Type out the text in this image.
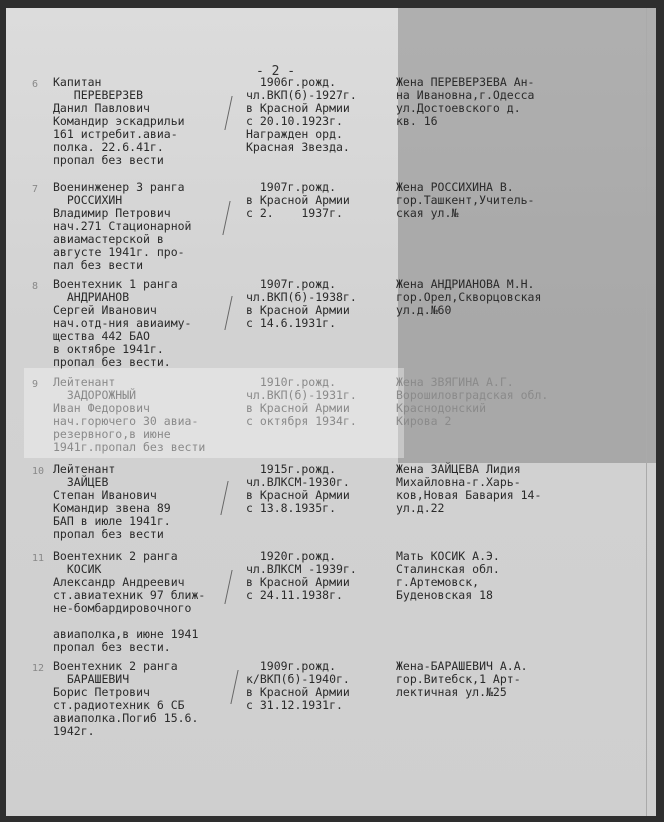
- 2 -
6 Капитан
ПЕРЕВЕРЗЕВ
Данил Павлович
Командир эскадрильи
161 истребит.авиа-
полка. 22.6.41г.
пропал без вести
1906г.рожд.
чл.ВКП(б)-1927г.
в Красной Армии
с 20.10.1923г.
Награжден орд.
Красная Звезда.
Жена ПЕРЕВЕРЗЕВА Ан-
на Ивановна,г.Одесса
ул.Достоевского д.
кв. 16
7 Военинженер 3 ранга
РОССИХИН
Владимир Петрович
нач.271 Стационарной
авиамастерской в
августе 1941г. про-
пал без вести
1907г.рожд.
в Красной Армии
с 2.    1937г.
Жена РОССИХИНА В.
гор.Ташкент,Учитель-
ская ул.№
8 Воентехник 1 ранга
АНДРИАНОВ
Сергей Иванович
нач.отд-ния авиаиму-
щества 442 БАО
в октябре 1941г.
пропал без вести.
1907г.рожд.
чл.ВКП(б)-1938г.
в Красной Армии
с 14.6.1931г.
Жена АНДРИАНОВА М.Н.
гор.Орел,Скворцовская
ул.д.№60
9 Лейтенант
ЗАДОРОЖНЫЙ
Иван Федорович
нач.горючего 30 авиа-
резервного,в июне
1941г.пропал без вести
1910г.рожд.
чл.ВКП(б)-1931г.
в Красной Армии
с октября 1934г.
Жена ЗВЯГИНА А.Г.
Ворошиловградская обл.
Краснодонский
Кирова 2
10 Лейтенант
ЗАЙЦЕВ
Степан Иванович
Командир звена 89
БАП в июле 1941г.
пропал без вести
1915г.рожд.
чл.ВЛКСМ-1930г.
в Красной Армии
с 13.8.1935г.
Жена ЗАЙЦЕВА Лидия
Михайловна-г.Харь-
ков,Новая Бавария 14-
ул.д.22
11 Воентехник 2 ранга
КОСИК
Александр Андреевич
ст.авиатехник 97 ближ-
не-бомбардировочного

авиаполка,в июне 1941
пропал без вести.
1920г.рожд.
чл.ВЛКСМ -1939г.
в Красной Армии
с 24.11.1938г.
Мать КОСИК А.Э.
Сталинская обл.
г.Артемовск,
Буденовская 18
12 Воентехник 2 ранга
БАРАШЕВИЧ
Борис Петрович
ст.радиотехник 6 СБ
авиаполка.Погиб 15.6.
1942г.
1909г.рожд.
к/ВКП(б)-1940г.
в Красной Армии
с 31.12.1931г.
Жена-БАРАШЕВИЧ А.А.
гор.Витебск,1 Арт-
лектичная ул.№25
